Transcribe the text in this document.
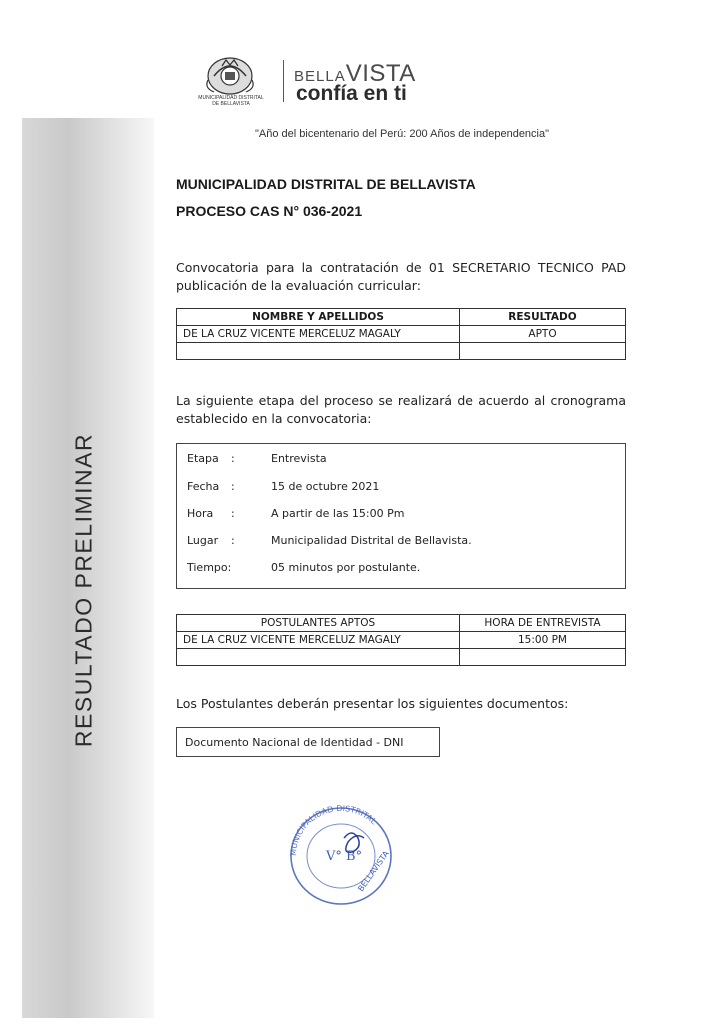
RESULTADO PRELIMINAR
MUNICIPALIDAD DISTRITAL
DE BELLAVISTA
BELLAVISTA
confía en ti
"Año del bicentenario del Perú: 200 Años de independencia"
MUNICIPALIDAD DISTRITAL DE BELLAVISTA
PROCESO CAS N° 036-2021
Convocatoria para la contratación de 01 SECRETARIO TECNICO PAD publicación de la evaluación curricular:
NOMBRE Y APELLIDOS	RESULTADO
DE LA CRUZ VICENTE MERCELUZ MAGALY	APTO

La siguiente etapa del proceso se realizará de acuerdo al cronograma establecido en la convocatoria:
Etapa :	Entrevista
Fecha :	15 de octubre 2021
Hora :	A partir de las 15:00 Pm
Lugar :	Municipalidad Distrital de Bellavista.
Tiempo:	05 minutos por postulante.
POSTULANTES APTOS	HORA DE ENTREVISTA
DE LA CRUZ VICENTE MERCELUZ MAGALY	15:00 PM

Los Postulantes deberán presentar los siguientes documentos:
Documento Nacional de Identidad - DNI
MUNICIPALIDAD DISTRITAL
V° B°
BELLAVISTA
